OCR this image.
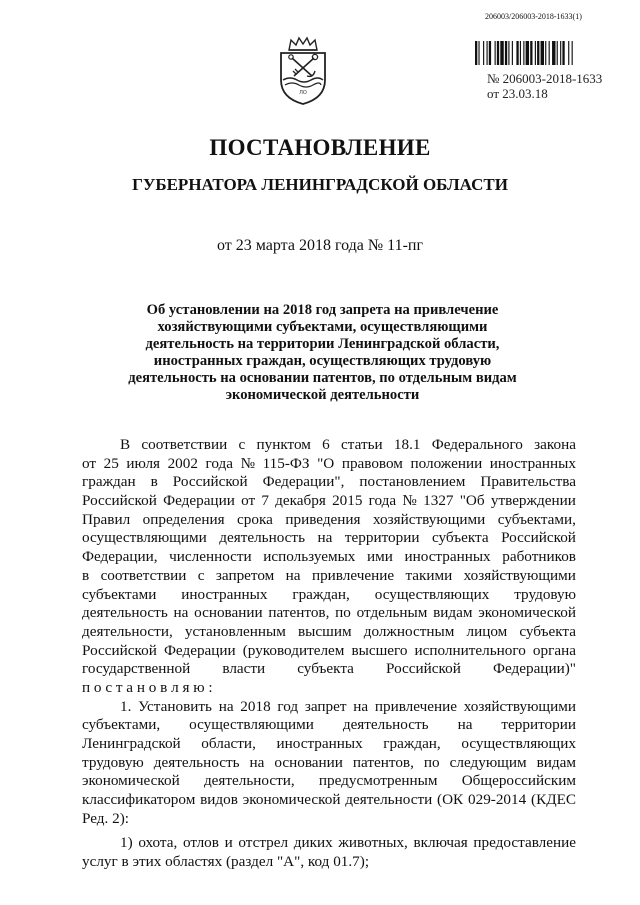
206003/206003-2018-1633(1)
ЛО
№ 206003-2018-1633
от 23.03.18
ПОСТАНОВЛЕНИЕ
ГУБЕРНАТОРА ЛЕНИНГРАДСКОЙ ОБЛАСТИ
от 23 марта 2018 года № 11-пг
Об установлении на 2018 год запрета на привлечение
хозяйствующими субъектами, осуществляющими
деятельность на территории Ленинградской области,
иностранных граждан, осуществляющих трудовую
деятельность на основании патентов, по отдельным видам
экономической деятельности
В соответствии с пунктом 6 статьи 18.1 Федерального закона
от 25 июля 2002 года № 115-ФЗ "О правовом положении иностранных
граждан в Российской Федерации", постановлением Правительства
Российской Федерации от 7 декабря 2015 года № 1327 "Об утверждении
Правил определения срока приведения хозяйствующими субъектами,
осуществляющими деятельность на территории субъекта Российской
Федерации, численности используемых ими иностранных работников
в соответствии с запретом на привлечение такими хозяйствующими
субъектами иностранных граждан, осуществляющих трудовую
деятельность на основании патентов, по отдельным видам экономической
деятельности, установленным высшим должностным лицом субъекта
Российской Федерации (руководителем высшего исполнительного органа
государственной власти субъекта Российской Федерации)"
п о с т а н о в л я ю :
1. Установить на 2018 год запрет на привлечение хозяйствующими
субъектами, осуществляющими деятельность на территории
Ленинградской области, иностранных граждан, осуществляющих
трудовую деятельность на основании патентов, по следующим видам
экономической деятельности, предусмотренным Общероссийским
классификатором видов экономической деятельности (ОК 029-2014 (КДЕС
Ред. 2):
1) охота, отлов и отстрел диких животных, включая предоставление
услуг в этих областях (раздел "А", код 01.7);
